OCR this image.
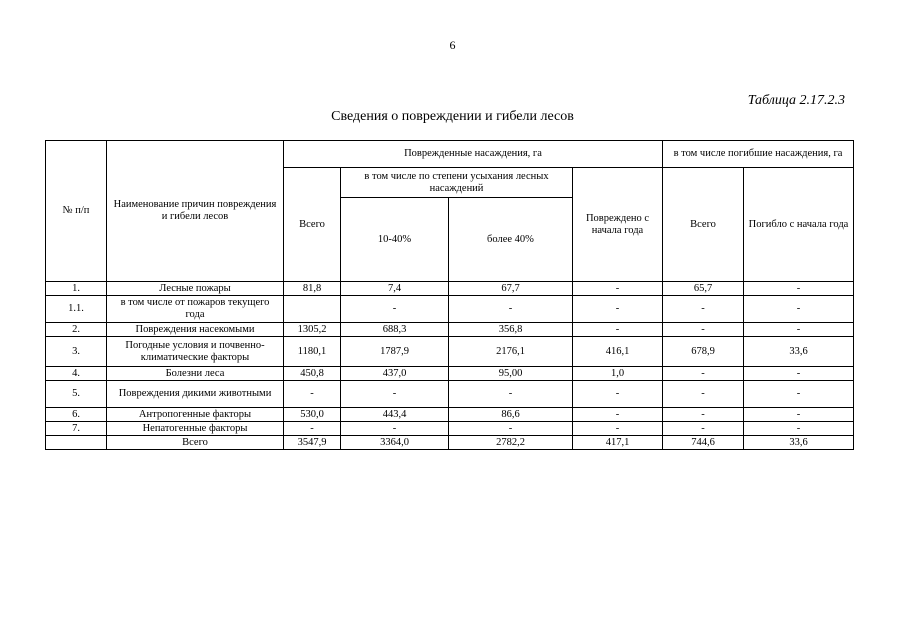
6
Таблица 2.17.2.3
Сведения о повреждении и гибели лесов
№ п/п	Наименование причин повреждения и гибели лесов	Поврежденные насаждения, га				в том числе погибшие насаждения, га	
		Всего	в том числе по степени усыхания лесных насаждений		Повреждено с начала года	Всего	Погибло с начала года
			10-40%	более 40%			
1.	Лесные пожары	81,8	7,4	67,7	-	65,7	-
1.1.	в том числе от пожаров текущего года		-	-	-	-	-
2.	Повреждения насекомыми	1305,2	688,3	356,8	-	-	-
3.	Погодные условия и почвенно-климатические факторы	1180,1	1787,9	2176,1	416,1	678,9	33,6
4.	Болезни леса	450,8	437,0	95,00	1,0	-	-
5.	Повреждения дикими животными	-	-	-	-	-	-
6.	Антропогенные факторы	530,0	443,4	86,6	-	-	-
7.	Непатогенные факторы	-	-	-	-	-	-
	Всего	3547,9	3364,0	2782,2	417,1	744,6	33,6
